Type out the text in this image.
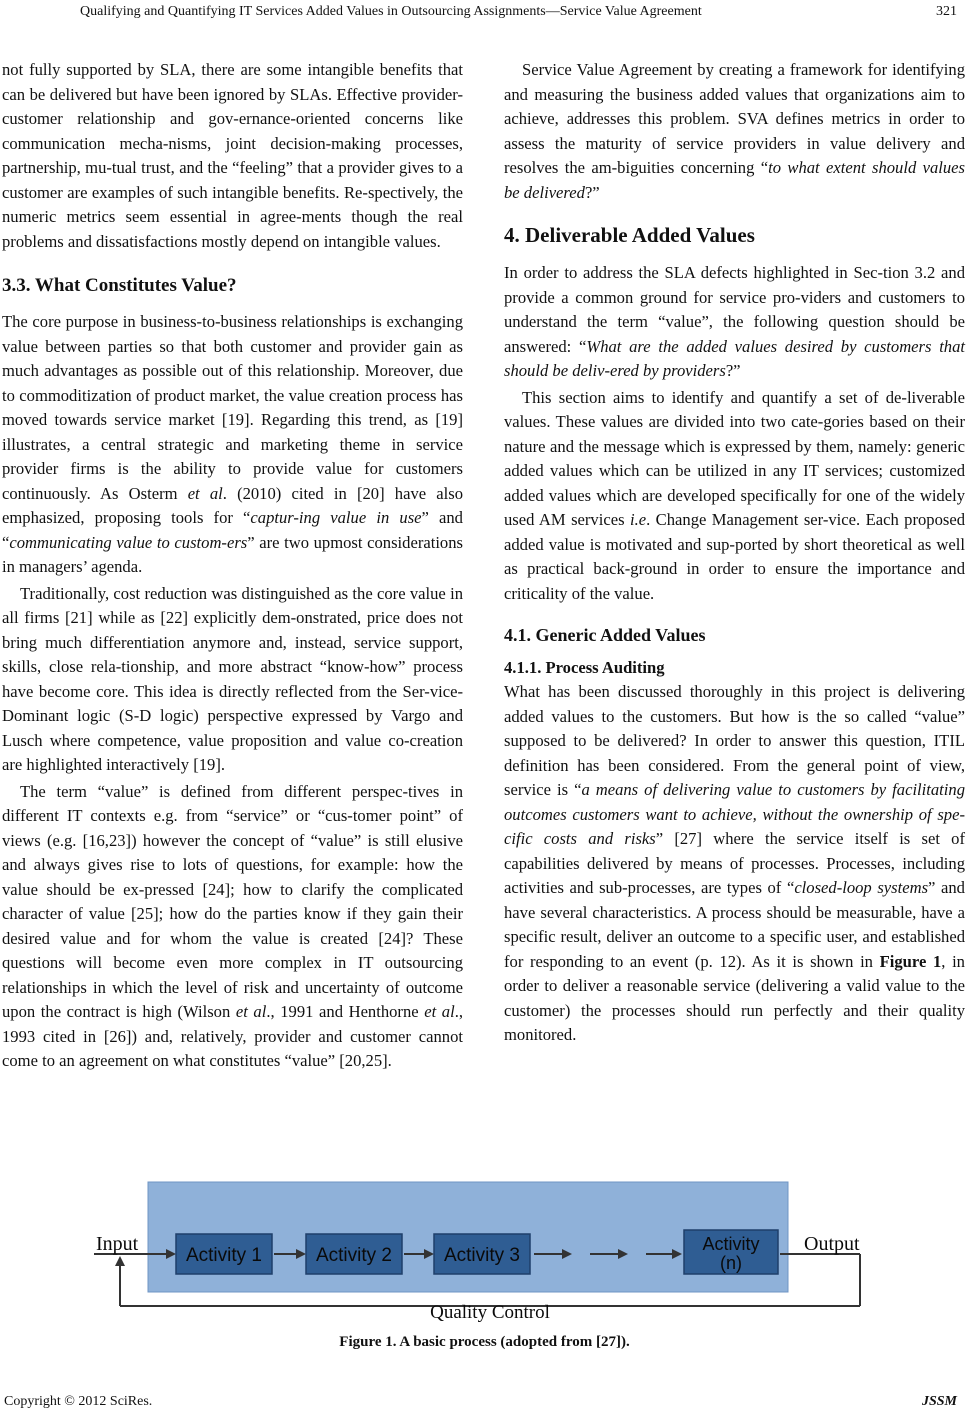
Qualifying and Quantifying IT Services Added Values in Outsourcing Assignments—Service Value Agreement	321

not fully supported by SLA, there are some intangible benefits that can be delivered but have been ignored by SLAs. Effective provider-customer relationship and gov-ernance-oriented concerns like communication mecha-nisms, joint decision-making processes, partnership, mu-tual trust, and the “feeling” that a provider gives to a customer are examples of such intangible benefits. Re-spectively, the numeric metrics seem essential in agree-ments though the real problems and dissatisfactions mostly depend on intangible values.

3.3. What Constitutes Value?

The core purpose in business-to-business relationships is exchanging value between parties so that both customer and provider gain as much advantages as possible out of this relationship. Moreover, due to commoditization of product market, the value creation process has moved towards service market [19]. Regarding this trend, as [19] illustrates, a central strategic and marketing theme in service provider firms is the ability to provide value for customers continuously. As Osterm et al. (2010) cited in [20] have also emphasized, proposing tools for “captur-ing value in use” and “communicating value to custom-ers” are two upmost considerations in managers’ agenda.

Traditionally, cost reduction was distinguished as the core value in all firms [21] while as [22] explicitly dem-onstrated, price does not bring much differentiation anymore and, instead, service support, skills, close rela-tionship, and more abstract “know-how” process have become core. This idea is directly reflected from the Ser-vice-Dominant logic (S-D logic) perspective expressed by Vargo and Lusch where competence, value proposition and value co-creation are highlighted interactively [19].

The term “value” is defined from different perspec-tives in different IT contexts e.g. from “service” or “cus-tomer point” of views (e.g. [16,23]) however the concept of “value” is still elusive and always gives rise to lots of questions, for example: how the value should be ex-pressed [24]; how to clarify the complicated character of value [25]; how do the parties know if they gain their desired value and for whom the value is created [24]? These questions will become even more complex in IT outsourcing relationships in which the level of risk and uncertainty of outcome upon the contract is high (Wilson et al., 1991 and Henthorne et al., 1993 cited in [26]) and, relatively, provider and customer cannot come to an agreement on what constitutes “value” [20,25].

Service Value Agreement by creating a framework for identifying and measuring the business added values that organizations aim to achieve, addresses this problem. SVA defines metrics in order to assess the maturity of service providers in value delivery and resolves the am-biguities concerning “to what extent should values be delivered?”

4. Deliverable Added Values

In order to address the SLA defects highlighted in Sec-tion 3.2 and provide a common ground for service pro-viders and customers to understand the term “value”, the following question should be answered: “What are the added values desired by customers that should be deliv-ered by providers?”

This section aims to identify and quantify a set of de-liverable values. These values are divided into two cate-gories based on their nature and the message which is expressed by them, namely: generic added values which can be utilized in any IT services; customized added values which are developed specifically for one of the widely used AM services i.e. Change Management ser-vice. Each proposed added value is motivated and sup-ported by short theoretical as well as practical back-ground in order to ensure the importance and criticality of the value.

4.1. Generic Added Values
4.1.1. Process Auditing

What has been discussed thoroughly in this project is delivering added values to the customers. But how is the so called “value” supposed to be delivered? In order to answer this question, ITIL definition has been considered. From the general point of view, service is “a means of delivering value to customers by facilitating outcomes customers want to achieve, without the ownership of spe-cific costs and risks” [27] where the service itself is set of capabilities delivered by means of processes. Processes, including activities and sub-processes, are types of “closed-loop systems” and have several characteristics. A process should be measurable, have a specific result, deliver an outcome to a specific user, and established for responding to an event (p. 12). As it is shown in Figure 1, in order to deliver a reasonable service (delivering a valid value to the customer) the processes should run perfectly and their quality monitored.

Input
Activity 1	Activity 2	Activity 3
Activity
(n)
Output
Quality Control
Figure 1. A basic process (adopted from [27]).
Copyright © 2012 SciRes.	JSSM
